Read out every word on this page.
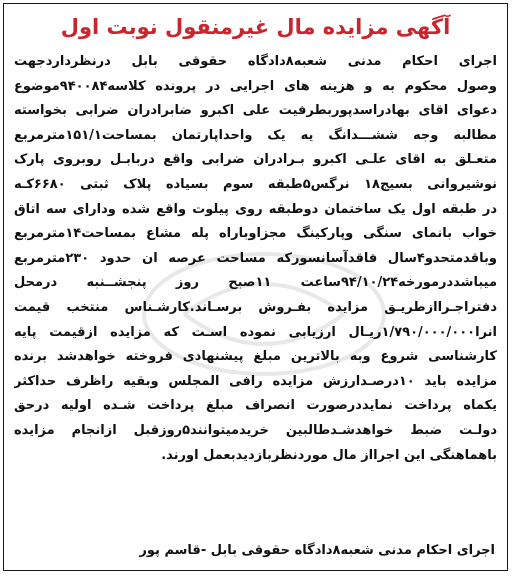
آگهی مزایده مال غیرمنقول نوبت اول
اجرای احکام مدنی شعبه۸دادگاه حقوقی بابل درنظرداردجهت
وصول محکوم به و هزینه های اجرایی در پرونده کلاسه۹۴۰۰۸۴موضوع
دعوای اقای بهادراسدپوربطرفیت علی اکبرو ضابرادران ضرابی بخواسته
مطالبه وجه ششـــدانگ یه یک واحداپارتمان بمساحت۱۵۱/۱مترمربع
متعـلق به اقای علـی اکبرو بـرادران ضرابی واقع دربابـل روبروی پارک
نوشیروانی بسیج۱۸ نرگس۵طبقه سوم بسیاده پلاک ثبتی ۶۶۸۰کـه
در طبقه اول یک ساختمان دوطبقه روی پیلوت واقع شده ودارای سه اتاق
خواب بانمای سنگی وپارکینگ مجزاوباراه پله مشاع بمساحت۱۴مترمربع
وباقدمتحدو۴سال فاقدآسانسورکه مساحت عرصه ان حدود ۲۳۰مترمربع
میباشددرمورخه۹۴/۱۰/۲۴ساعت ۱۱صبح روز پنجشــنبه درمحل
دفتراجـراازطریـق مزایده بفـروش برسـاند.کارشـناس منتخب قیمت
انرا۱/۷۹۰/۰۰۰/۰۰۰ریـال ارزیابی نموده اسـت که مزایده ازقیمت پایه
کارشناسی شروع وبه بالاترین مبلغ پیشنهادی فروخته خواهدشد برنده
مزایده باید ۱۰درصـدارزش مزایده رافی المجلس وبقیه راظرف حداکثر
یکماه پرداخت نمایددرصورت انصراف مبلغ پرداخت شـده اولیه درحق
دولـت ضبط خواهدشـدطالبین خریدمیتوانند۵روزقبل ازانجام مزایده
باهماهنگی این اجرااز مال موردنظربازدیدبعمل اورند.
اجرای احکام مدنی شعبه۸دادگاه حقوقی بابل -قاسم پور
